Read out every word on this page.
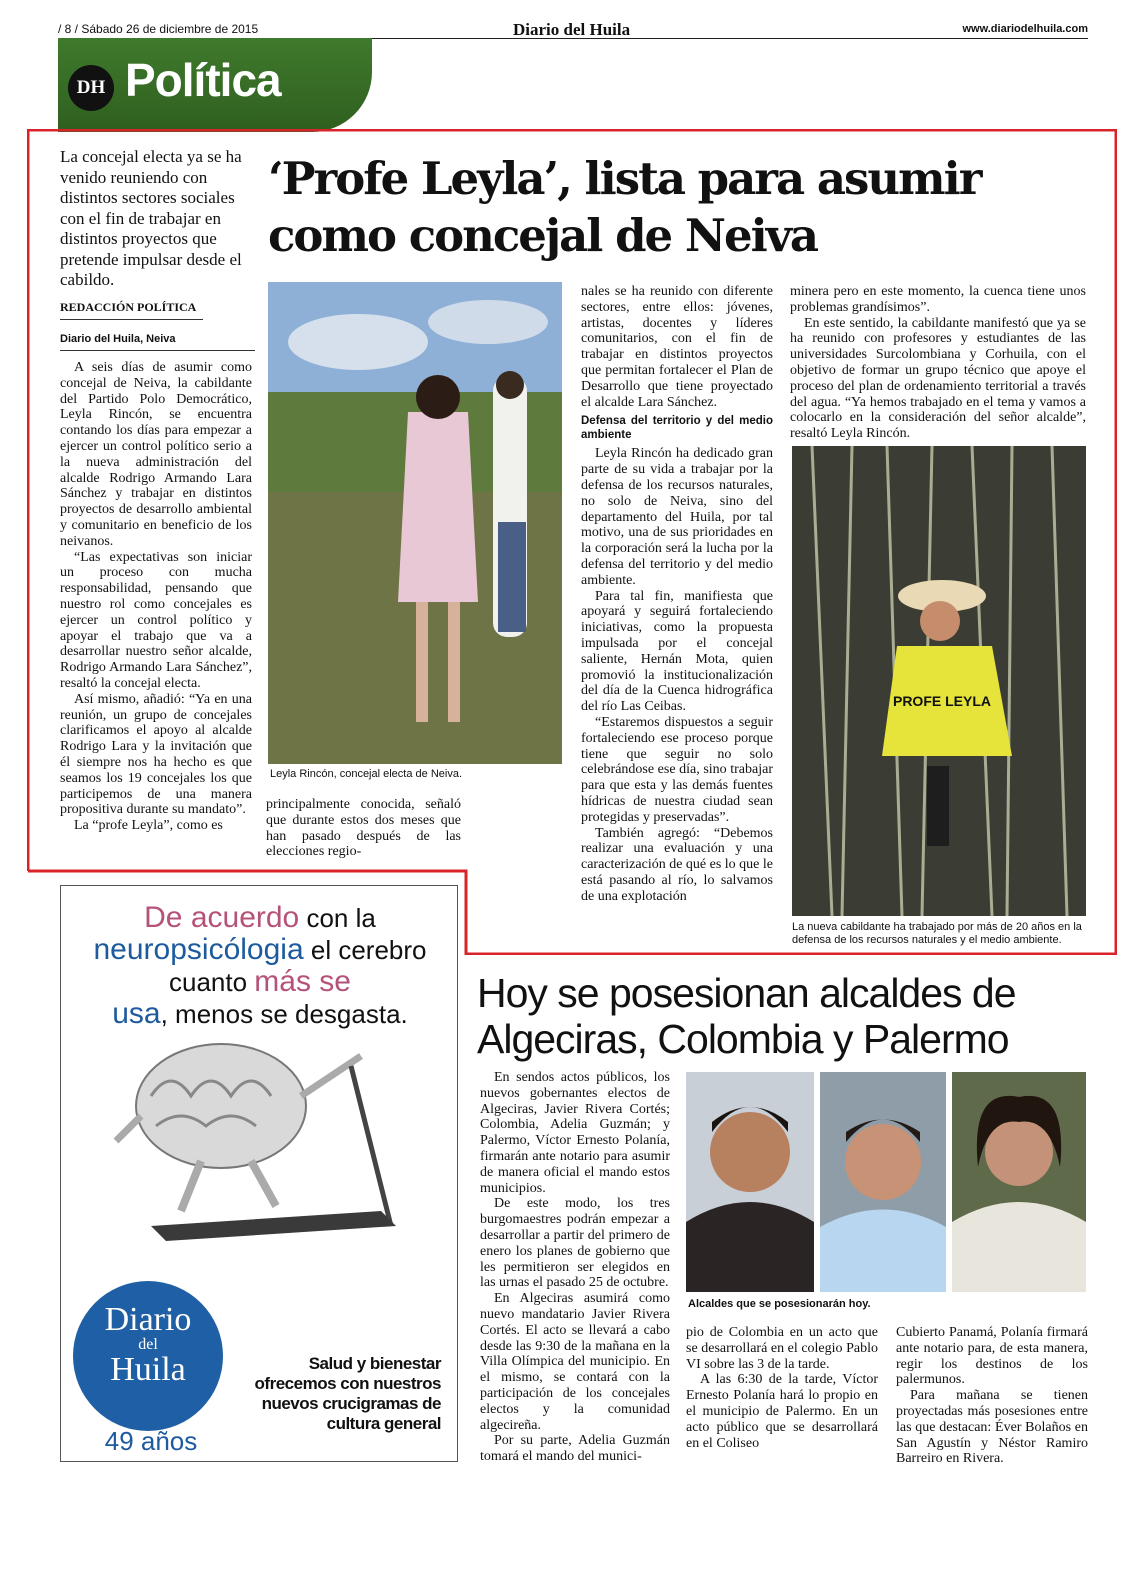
/ 8 / Sábado 26 de diciembre de 2015	Diario del Huila	www.diariodelhuila.com
DH Política
La concejal electa ya se ha venido reuniendo con distintos sectores sociales con el fin de trabajar en distintos proyectos que pretende impulsar desde el cabildo.
REDACCIÓN POLÍTICA
Diario del Huila, Neiva
‘Profe Leyla’, lista para asumir como concejal de Neiva

A seis días de asumir como concejal de Neiva, la cabildante del Partido Polo Democrático, Leyla Rincón, se encuentra contando los días para empezar a ejercer un control político serio a la nueva administración del alcalde Rodrigo Armando Lara Sánchez y trabajar en distintos proyectos de desarrollo ambiental y comunitario en beneficio de los neivanos.

“Las expectativas son iniciar un proceso con mucha responsabilidad, pensando que nuestro rol como concejales es ejercer un control político y apoyar el trabajo que va a desarrollar nuestro señor alcalde, Rodrigo Armando Lara Sánchez”, resaltó la concejal electa.

Así mismo, añadió: “Ya en una reunión, un grupo de concejales clarificamos el apoyo al alcalde Rodrigo Lara y la invitación que él siempre nos ha hecho es que seamos los 19 concejales los que participemos de una manera propositiva durante su mandato”.

La “profe Leyla”, como es

Leyla Rincón, concejal electa de Neiva.

principalmente conocida, señaló que durante estos dos meses que han pasado después de las elecciones regio-

nales se ha reunido con diferente sectores, entre ellos: jóvenes, artistas, docentes y líderes comunitarios, con el fin de trabajar en distintos proyectos que permitan fortalecer el Plan de Desarrollo que tiene proyectado el alcalde Lara Sánchez.

Defensa del territorio y del medio ambiente

Leyla Rincón ha dedicado gran parte de su vida a trabajar por la defensa de los recursos naturales, no solo de Neiva, sino del departamento del Huila, por tal motivo, una de sus prioridades en la corporación será la lucha por la defensa del territorio y del medio ambiente.

Para tal fin, manifiesta que apoyará y seguirá fortaleciendo iniciativas, como la propuesta impulsada por el concejal saliente, Hernán Mota, quien promovió la institucionalización del día de la Cuenca hidrográfica del río Las Ceibas.

“Estaremos dispuestos a seguir fortaleciendo ese proceso porque tiene que seguir no solo celebrándose ese día, sino trabajar para que esta y las demás fuentes hídricas de nuestra ciudad sean protegidas y preservadas”.

También agregó: “Debemos realizar una evaluación y una caracterización de qué es lo que le está pasando al río, lo salvamos de una explotación

minera pero en este momento, la cuenca tiene unos problemas grandísimos”.

En este sentido, la cabildante manifestó que ya se ha reunido con profesores y estudiantes de las universidades Surcolombiana y Corhuila, con el objetivo de formar un grupo técnico que apoye el proceso del plan de ordenamiento territorial a través del agua. “Ya hemos trabajado en el tema y vamos a colocarlo en la consideración del señor alcalde”, resaltó Leyla Rincón.

PROFE LEYLA
La nueva cabildante ha trabajado por más de 20 años en la defensa de los recursos naturales y el medio ambiente.
De acuerdo con la
neuropsicólogia el cerebro cuanto más se
usa, menos se desgasta.
Diario
del
Huila
49 años
Salud y bienestar ofrecemos con nuestros nuevos crucigramas de cultura general
Hoy se posesionan alcaldes de Algeciras, Colombia y Palermo

En sendos actos públicos, los nuevos gobernantes electos de Algeciras, Javier Rivera Cortés; Colombia, Adelia Guzmán; y Palermo, Víctor Ernesto Polanía, firmarán ante notario para asumir de manera oficial el mando estos municipios.

De este modo, los tres burgomaestres podrán empezar a desarrollar a partir del primero de enero los planes de gobierno que les permitieron ser elegidos en las urnas el pasado 25 de octubre.

En Algeciras asumirá como nuevo mandatario Javier Rivera Cortés. El acto se llevará a cabo desde las 9:30 de la mañana en la Villa Olímpica del municipio. En el mismo, se contará con la participación de los concejales electos y la comunidad algecireña.

Por su parte, Adelia Guzmán tomará el mando del munici-

Alcaldes que se posesionarán hoy.

pio de Colombia en un acto que se desarrollará en el colegio Pablo VI sobre las 3 de la tarde.

A las 6:30 de la tarde, Víctor Ernesto Polanía hará lo propio en el municipio de Palermo. En un acto público que se desarrollará en el Coliseo

Cubierto Panamá, Polanía firmará ante notario para, de esta manera, regir los destinos de los palermunos.

Para mañana se tienen proyectadas más posesiones entre las que destacan: Éver Bolaños en San Agustín y Néstor Ramiro Barreiro en Rivera.
